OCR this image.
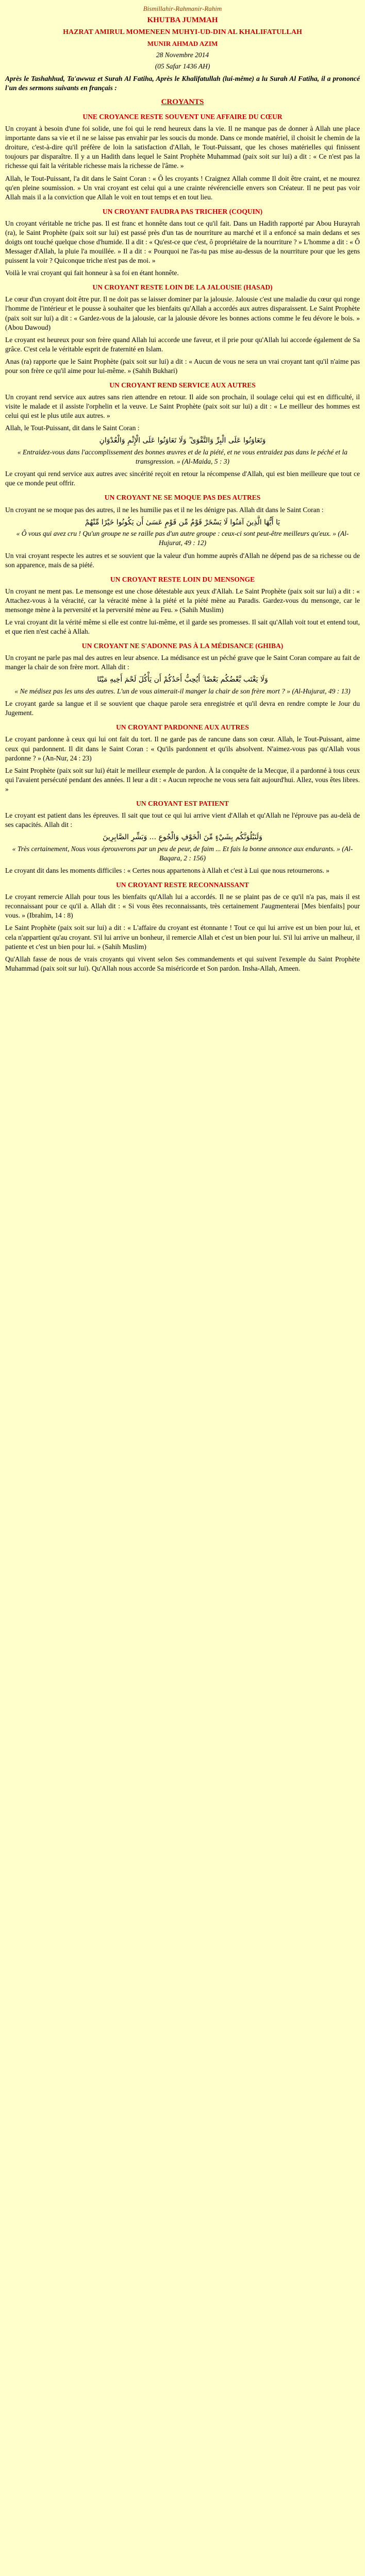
Bismillahir-Rahmanir-Rahim
KHUTBA JUMMAH
HAZRAT AMIRUL MOMENEEN MUHYI-UD-DIN AL KHALIFATULLAH
MUNIR AHMAD AZIM
28 Novembre 2014
(05 Safar 1436 AH)

Après le Tashahhud, Ta'awwuz et Surah Al Fatiha, Après le Khalifatullah (lui-même) a lu Surah Al Fatiha, il a prononcé l'un des sermons suivants en français :

CROYANTS
UNE CROYANCE RESTE SOUVENT UNE AFFAIRE DU CŒUR

Un croyant à besoin d'une foi solide, une foi qui le rend heureux dans la vie. Il ne manque pas de donner à Allah une place importante dans sa vie et il ne se laisse pas envahir par les soucis du monde. Dans ce monde matériel, il choisit le chemin de la droiture, c'est-à-dire qu'il préfère de loin la satisfaction d'Allah, le Tout-Puissant, que les choses matérielles qui finissent toujours par disparaître. Il y a un Hadith dans lequel le Saint Prophète Muhammad (paix soit sur lui) a dit : « Ce n'est pas la richesse qui fait la véritable richesse mais la richesse de l'âme. »

Allah, le Tout-Puissant, l'a dit dans le Saint Coran : « Ô les croyants ! Craignez Allah comme Il doit être craint, et ne mourez qu'en pleine soumission. » Un vrai croyant est celui qui a une crainte révérencielle envers son Créateur. Il ne peut pas voir Allah mais il a la conviction que Allah le voit en tout temps et en tout lieu.

UN CROYANT FAUDRA PAS TRICHER (COQUIN)

Un croyant véritable ne triche pas. Il est franc et honnête dans tout ce qu'il fait. Dans un Hadith rapporté par Abou Hurayrah (ra), le Saint Prophète (paix soit sur lui) est passé près d'un tas de nourriture au marché et il a enfoncé sa main dedans et ses doigts ont touché quelque chose d'humide. Il a dit : « Qu'est-ce que c'est, ô propriétaire de la nourriture ? » L'homme a dit : « Ô Messager d'Allah, la pluie l'a mouillée. » Il a dit : « Pourquoi ne l'as-tu pas mise au-dessus de la nourriture pour que les gens puissent la voir ? Quiconque triche n'est pas de moi. »

Voilà le vrai croyant qui fait honneur à sa foi en étant honnête.

UN CROYANT RESTE LOIN DE LA JALOUSIE (HASAD)

Le cœur d'un croyant doit être pur. Il ne doit pas se laisser dominer par la jalousie. Jalousie c'est une maladie du cœur qui ronge l'homme de l'intérieur et le pousse à souhaiter que les bienfaits qu'Allah a accordés aux autres disparaissent. Le Saint Prophète (paix soit sur lui) a dit : « Gardez-vous de la jalousie, car la jalousie dévore les bonnes actions comme le feu dévore le bois. » (Abou Dawoud)

Le croyant est heureux pour son frère quand Allah lui accorde une faveur, et il prie pour qu'Allah lui accorde également de Sa grâce. C'est cela le véritable esprit de fraternité en Islam.

Anas (ra) rapporte que le Saint Prophète (paix soit sur lui) a dit : « Aucun de vous ne sera un vrai croyant tant qu'il n'aime pas pour son frère ce qu'il aime pour lui-même. » (Sahih Bukhari)

UN CROYANT REND SERVICE AUX AUTRES

Un croyant rend service aux autres sans rien attendre en retour. Il aide son prochain, il soulage celui qui est en difficulté, il visite le malade et il assiste l'orphelin et la veuve. Le Saint Prophète (paix soit sur lui) a dit : « Le meilleur des hommes est celui qui est le plus utile aux autres. »

Allah, le Tout-Puissant, dit dans le Saint Coran :

وَتَعَاوَنُوا عَلَى الْبِرِّ وَالتَّقْوَىٰ ۖ وَلَا تَعَاوَنُوا عَلَى الْإِثْمِ وَالْعُدْوَانِ
« Entraidez-vous dans l'accomplissement des bonnes œuvres et de la piété, et ne vous entraidez pas dans le péché et la transgression. » (Al-Maida, 5 : 3)

Le croyant qui rend service aux autres avec sincérité reçoit en retour la récompense d'Allah, qui est bien meilleure que tout ce que ce monde peut offrir.

UN CROYANT NE SE MOQUE PAS DES AUTRES

Un croyant ne se moque pas des autres, il ne les humilie pas et il ne les dénigre pas. Allah dit dans le Saint Coran :

يَا أَيُّهَا الَّذِينَ آمَنُوا لَا يَسْخَرْ قَوْمٌ مِّن قَوْمٍ عَسَىٰ أَن يَكُونُوا خَيْرًا مِّنْهُمْ
« Ô vous qui avez cru ! Qu'un groupe ne se raille pas d'un autre groupe : ceux-ci sont peut-être meilleurs qu'eux. » (Al-Hujurat, 49 : 12)

Un vrai croyant respecte les autres et se souvient que la valeur d'un homme auprès d'Allah ne dépend pas de sa richesse ou de son apparence, mais de sa piété.

UN CROYANT RESTE LOIN DU MENSONGE

Un croyant ne ment pas. Le mensonge est une chose détestable aux yeux d'Allah. Le Saint Prophète (paix soit sur lui) a dit : « Attachez-vous à la véracité, car la véracité mène à la piété et la piété mène au Paradis. Gardez-vous du mensonge, car le mensonge mène à la perversité et la perversité mène au Feu. » (Sahih Muslim)

Le vrai croyant dit la vérité même si elle est contre lui-même, et il garde ses promesses. Il sait qu'Allah voit tout et entend tout, et que rien n'est caché à Allah.

UN CROYANT NE S'ADONNE PAS À LA MÉDISANCE (GHIBA)

Un croyant ne parle pas mal des autres en leur absence. La médisance est un péché grave que le Saint Coran compare au fait de manger la chair de son frère mort. Allah dit :

وَلَا يَغْتَب بَّعْضُكُم بَعْضًا ۚ أَيُحِبُّ أَحَدُكُمْ أَن يَأْكُلَ لَحْمَ أَخِيهِ مَيْتًا
« Ne médisez pas les uns des autres. L'un de vous aimerait-il manger la chair de son frère mort ? » (Al-Hujurat, 49 : 13)

Le croyant garde sa langue et il se souvient que chaque parole sera enregistrée et qu'il devra en rendre compte le Jour du Jugement.

UN CROYANT PARDONNE AUX AUTRES

Le croyant pardonne à ceux qui lui ont fait du tort. Il ne garde pas de rancune dans son cœur. Allah, le Tout-Puissant, aime ceux qui pardonnent. Il dit dans le Saint Coran : « Qu'ils pardonnent et qu'ils absolvent. N'aimez-vous pas qu'Allah vous pardonne ? » (An-Nur, 24 : 23)

Le Saint Prophète (paix soit sur lui) était le meilleur exemple de pardon. À la conquête de la Mecque, il a pardonné à tous ceux qui l'avaient persécuté pendant des années. Il leur a dit : « Aucun reproche ne vous sera fait aujourd'hui. Allez, vous êtes libres. »

UN CROYANT EST PATIENT

Le croyant est patient dans les épreuves. Il sait que tout ce qui lui arrive vient d'Allah et qu'Allah ne l'éprouve pas au-delà de ses capacités. Allah dit :

وَلَنَبْلُوَنَّكُم بِشَيْءٍ مِّنَ الْخَوْفِ وَالْجُوعِ ... وَبَشِّرِ الصَّابِرِينَ
« Très certainement, Nous vous éprouverons par un peu de peur, de faim ... Et fais la bonne annonce aux endurants. » (Al-Baqara, 2 : 156)

Le croyant dit dans les moments difficiles : « Certes nous appartenons à Allah et c'est à Lui que nous retournerons. »

UN CROYANT RESTE RECONNAISSANT

Le croyant remercie Allah pour tous les bienfaits qu'Allah lui a accordés. Il ne se plaint pas de ce qu'il n'a pas, mais il est reconnaissant pour ce qu'il a. Allah dit : « Si vous êtes reconnaissants, très certainement J'augmenterai [Mes bienfaits] pour vous. » (Ibrahim, 14 : 8)

Le Saint Prophète (paix soit sur lui) a dit : « L'affaire du croyant est étonnante ! Tout ce qui lui arrive est un bien pour lui, et cela n'appartient qu'au croyant. S'il lui arrive un bonheur, il remercie Allah et c'est un bien pour lui. S'il lui arrive un malheur, il patiente et c'est un bien pour lui. » (Sahih Muslim)

Qu'Allah fasse de nous de vrais croyants qui vivent selon Ses commandements et qui suivent l'exemple du Saint Prophète Muhammad (paix soit sur lui). Qu'Allah nous accorde Sa miséricorde et Son pardon. Insha-Allah, Ameen.
